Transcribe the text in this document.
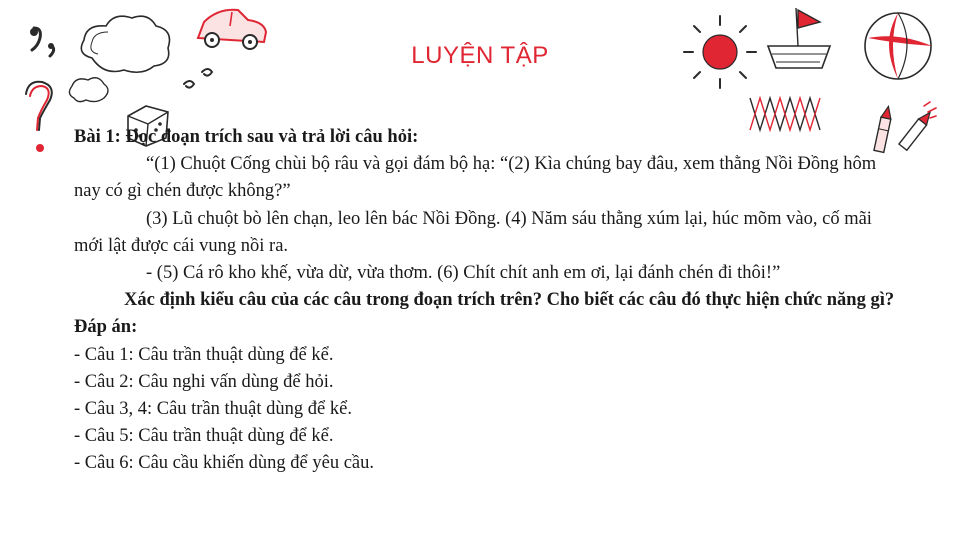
LUYỆN TẬP

Bài 1: Đọc đoạn trích sau và trả lời câu hỏi:

“(1) Chuột Cống chùi bộ râu và gọi đám bộ hạ: “(2) Kìa chúng bay đâu, xem thằng Nồi Đồng hôm nay có gì chén được không?”

(3) Lũ chuột bò lên chạn, leo lên bác Nồi Đồng. (4) Năm sáu thằng xúm lại, húc mõm vào, cố mãi mới lật được cái vung nồi ra.

- (5) Cá rô kho khế, vừa dừ, vừa thơm. (6) Chít chít anh em ơi, lại đánh chén đi thôi!”

Xác định kiểu câu của các câu trong đoạn trích trên? Cho biết các câu đó thực hiện chức năng gì?

Đáp án:

- Câu 1: Câu trần thuật dùng để kể.

- Câu 2: Câu nghi vấn dùng để hỏi.

- Câu 3, 4: Câu trần thuật dùng để kể.

- Câu 5: Câu trần thuật dùng để kể.

- Câu 6: Câu cầu khiến dùng để yêu cầu.
